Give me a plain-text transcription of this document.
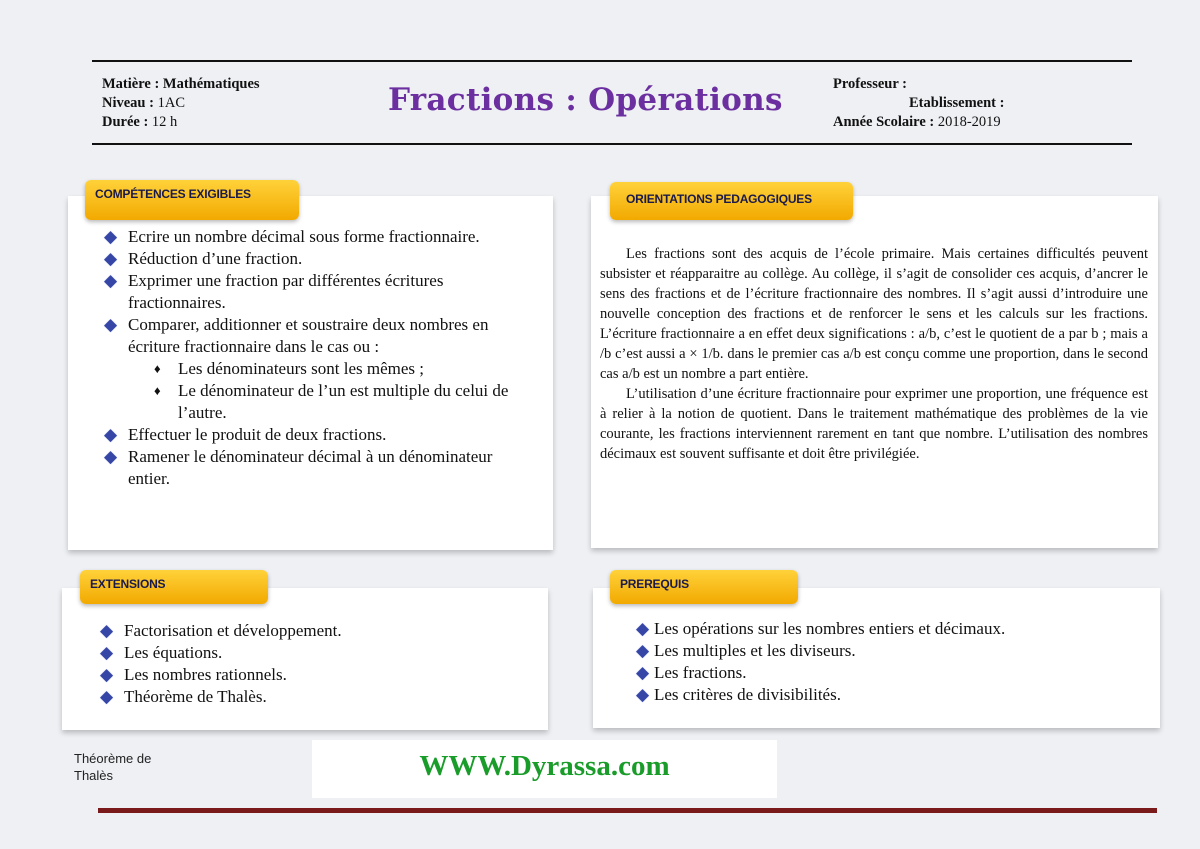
Matière : Mathématiques
Niveau : 1AC
Durée : 12 h
Fractions : Opérations	Professeur :
Etablissement :
Année Scolaire : 2018-2019
COMPÉTENCES EXIGIBLES
◆ Ecrire un nombre décimal sous forme fractionnaire.
◆ Réduction d’une fraction.
◆ Exprimer une fraction par différentes écritures fractionnaires.
◆ Comparer, additionner et soustraire deux nombres en écriture fractionnaire dans le cas ou :
♦ Les dénominateurs sont les mêmes ;
♦ Le dénominateur de l’un est multiple du celui de l’autre.
◆ Effectuer le produit de deux fractions.
◆ Ramener le dénominateur décimal à un dénominateur entier.
ORIENTATIONS PEDAGOGIQUES

Les fractions sont des acquis de l’école primaire. Mais certaines difficultés peuvent subsister et réapparaitre au collège. Au collège, il s’agit de consolider ces acquis, d’ancrer le sens des fractions et de l’écriture fractionnaire des nombres. Il s’agit aussi d’introduire une nouvelle conception des fractions et de renforcer le sens et les calculs sur les fractions. L’écriture fractionnaire a en effet deux significations : a/b, c’est le quotient de a par b ; mais a /b c’est aussi a × 1/b. dans le premier cas a/b est conçu comme une proportion, dans le second cas a/b est un nombre a part entière.

L’utilisation d’une écriture fractionnaire pour exprimer une proportion, une fréquence est à relier à la notion de quotient. Dans le traitement mathématique des problèmes de la vie courante, les fractions interviennent rarement en tant que nombre. L’utilisation des nombres décimaux est souvent suffisante et doit être privilégiée.

EXTENSIONS
◆ Factorisation et développement.
◆ Les équations.
◆ Les nombres rationnels.
◆ Théorème de Thalès.
PREREQUIS
◆ Les opérations sur les nombres entiers et décimaux.
◆ Les multiples et les diviseurs.
◆ Les fractions.
◆ Les critères de divisibilités.
Théorème de
Thalès	WWW.Dyrassa.com
